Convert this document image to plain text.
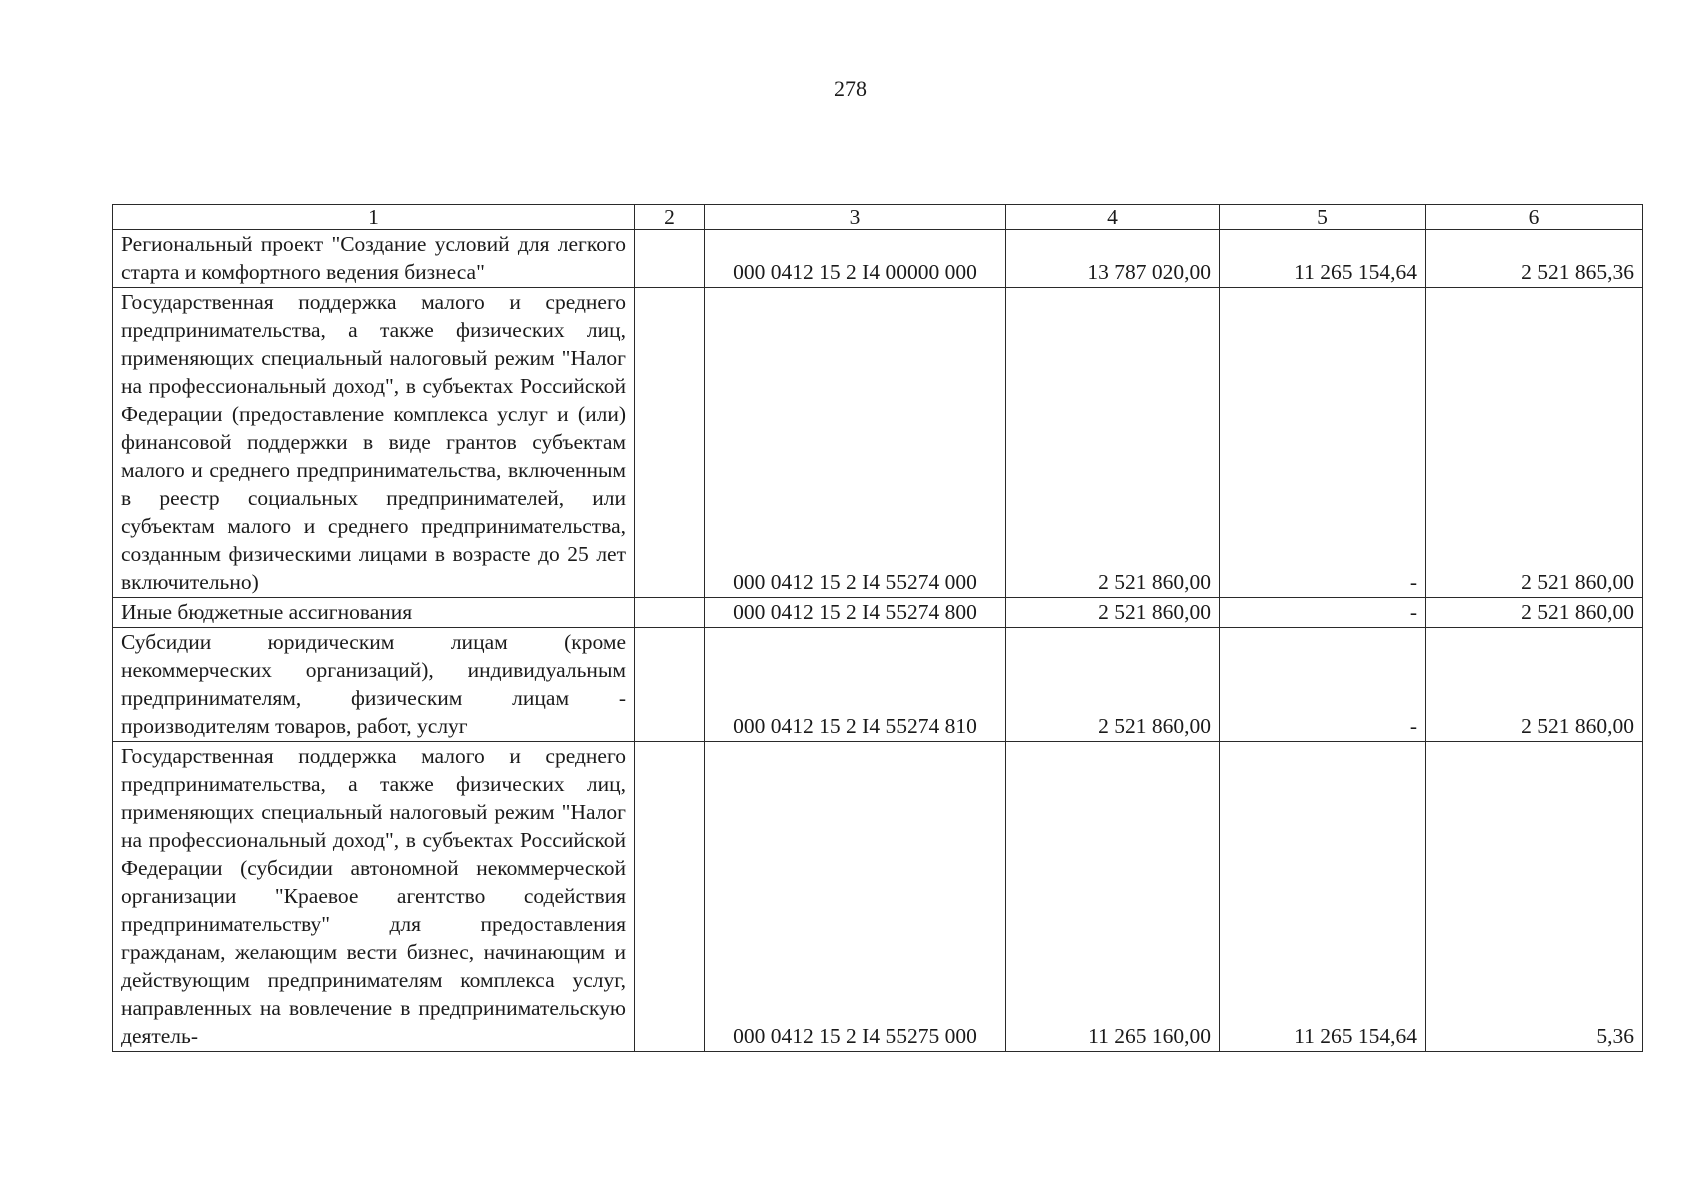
278
1	2	3	4	5	6
Региональный проект "Создание условий для легкого старта и комфортного ведения бизнеса"		000 0412 15 2 I4 00000 000	13 787 020,00	11 265 154,64	2 521 865,36
Государственная поддержка малого и среднего предпринимательства, а также физических лиц, применяющих специальный налоговый режим "Налог на профессиональный доход", в субъектах Российской Федерации (предоставление комплекса услуг и (или) финансовой поддержки в виде грантов субъектам малого и среднего предпринимательства, включенным в реестр социальных предпринимателей, или субъектам малого и среднего предпринимательства, созданным физическими лицами в возрасте до 25 лет включительно)		000 0412 15 2 I4 55274 000	2 521 860,00	-	2 521 860,00
Иные бюджетные ассигнования		000 0412 15 2 I4 55274 800	2 521 860,00	-	2 521 860,00
Субсидии юридическим лицам (кроме некоммерческих организаций), индивидуальным предпринимателям, физическим лицам - производителям товаров, работ, услуг		000 0412 15 2 I4 55274 810	2 521 860,00	-	2 521 860,00
Государственная поддержка малого и среднего предпринимательства, а также физических лиц, применяющих специальный налоговый режим "Налог на профессиональный доход", в субъектах Российской Федерации (субсидии автономной некоммерческой организации "Краевое агентство содействия предпринимательству" для предоставления гражданам, желающим вести бизнес, начинающим и действующим предпринимателям комплекса услуг, направленных на вовлечение в предпринимательскую деятель-		000 0412 15 2 I4 55275 000	11 265 160,00	11 265 154,64	5,36
